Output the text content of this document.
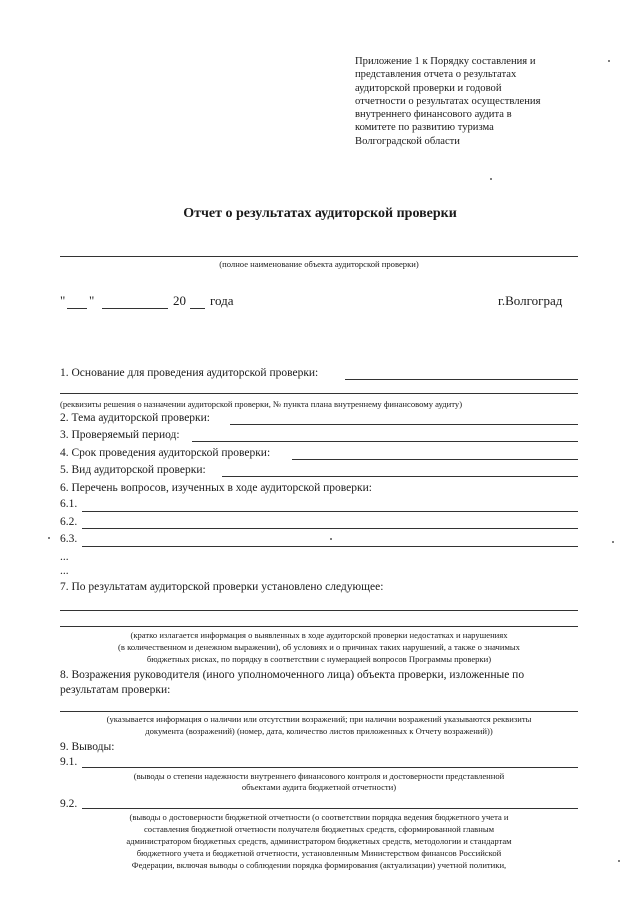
Приложение 1 к Порядку составления и
представления отчета о результатах
аудиторской проверки и годовой
отчетности о результатах осуществления
внутреннего финансового аудита в
комитете по развитию туризма
Волгоградской области
Отчет о результатах аудиторской проверки
(полное наименование объекта аудиторской проверки)
" "	20 года	г.Волгоград
1. Основание для проведения аудиторской проверки:
(реквизиты решения о назначении аудиторской проверки, № пункта плана внутреннему финансовому аудиту)
2. Тема аудиторской проверки:
3. Проверяемый период:
4. Срок проведения аудиторской проверки:
5. Вид аудиторской проверки:
6. Перечень вопросов, изученных в ходе аудиторской проверки:
6.1.
6.2.
6.3.
...
...
7. По результатам аудиторской проверки установлено следующее:
(кратко излагается информация о выявленных в ходе аудиторской проверки недостатках и нарушениях
(в количественном и денежном выражении), об условиях и о причинах таких нарушений, а также о значимых
бюджетных рисках, по порядку в соответствии с нумерацией вопросов Программы проверки)
8. Возражения руководителя (иного уполномоченного лица) объекта проверки, изложенные по
результатам проверки:
(указывается информация о наличии или отсутствии возражений; при наличии возражений указываются реквизиты
документа (возражений) (номер, дата, количество листов приложенных к Отчету возражений))
9. Выводы:
9.1.
(выводы о степени надежности внутреннего финансового контроля и достоверности представленной
объектами аудита бюджетной отчетности)
9.2.
(выводы о достоверности бюджетной отчетности (о соответствии порядка ведения бюджетного учета и
составления бюджетной отчетности получателя бюджетных средств, сформированной главным
администратором бюджетных средств, администратором бюджетных средств, методологии и стандартам
бюджетного учета и бюджетной отчетности, установленным Министерством финансов Российской
Федерации, включая выводы о соблюдении порядка формирования (актуализации) учетной политики,
